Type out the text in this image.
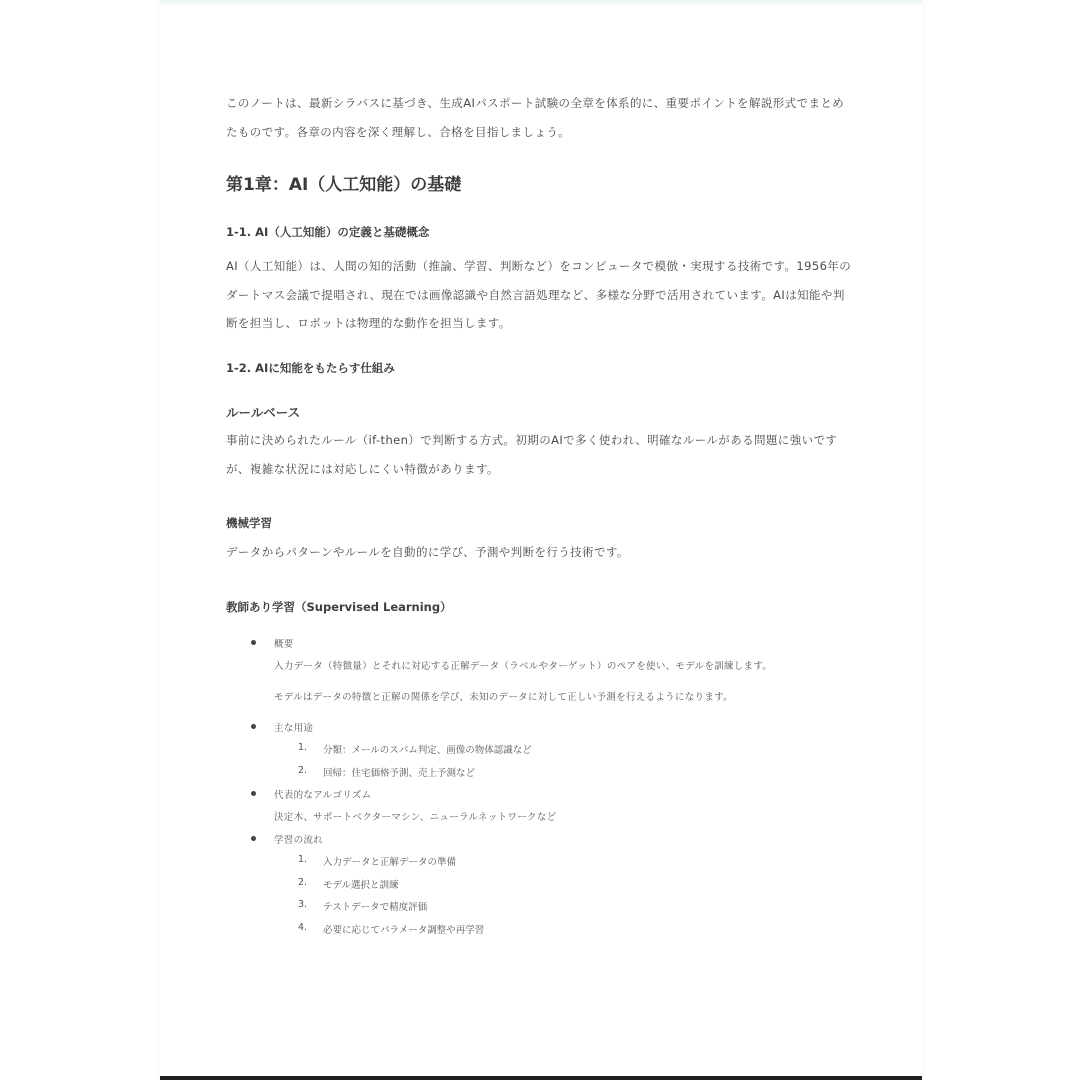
このノートは、最新シラバスに基づき、生成AIパスポート試験の全章を体系的に、重要ポイントを解説形式でまとめ

たものです。各章の内容を深く理解し、合格を目指しましょう。

第1章：AI（人工知能）の基礎
1-1. AI（人工知能）の定義と基礎概念

AI（人工知能）は、人間の知的活動（推論、学習、判断など）をコンピュータで模倣・実現する技術です。1956年の

ダートマス会議で提唱され、現在では画像認識や自然言語処理など、多様な分野で活用されています。AIは知能や判

断を担当し、ロボットは物理的な動作を担当します。

1-2. AIに知能をもたらす仕組み
ルールベース

事前に決められたルール（if-then）で判断する方式。初期のAIで多く使われ、明確なルールがある問題に強いです

が、複雑な状況には対応しにくい特徴があります。

機械学習

データからパターンやルールを自動的に学び、予測や判断を行う技術です。

教師あり学習（Supervised Learning）

概要

入力データ（特徴量）とそれに対応する正解データ（ラベルやターゲット）のペアを使い、モデルを訓練します。

モデルはデータの特徴と正解の関係を学び、未知のデータに対して正しい予測を行えるようになります。

主な用途

1. 分類：メールのスパム判定、画像の物体認識など
2. 回帰：住宅価格予測、売上予測など

代表的なアルゴリズム

決定木、サポートベクターマシン、ニューラルネットワークなど

学習の流れ

1. 入力データと正解データの準備
2. モデル選択と訓練
3. テストデータで精度評価
4. 必要に応じてパラメータ調整や再学習
